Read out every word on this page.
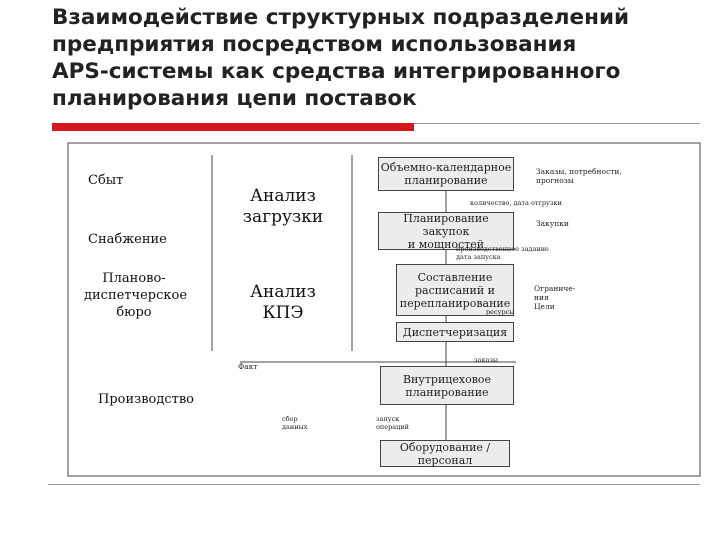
Взаимодействие структурных подразделений
предприятия посредством использования
APS-системы как средства интегрированного
планирования цепи поставок
Сбыт
Снабжение
Планово-
диспетчерское
бюро
Производство
Анализ
загрузки
Анализ
КПЭ
Объемно-календарное
планирование
Планирование закупок
и мощностей
Составление
расписаний и
перепланирование
Диспетчеризация
Внутрицеховое
планирование
Оборудование /
персонал
Заказы, потребности,
прогнозы
количество, дата отгрузки
Закупки
производственное задание
дата запуска
Ограниче-
ния
Цели
ресурсы
заказы
Факт
сбор
данных
запуск
операций
